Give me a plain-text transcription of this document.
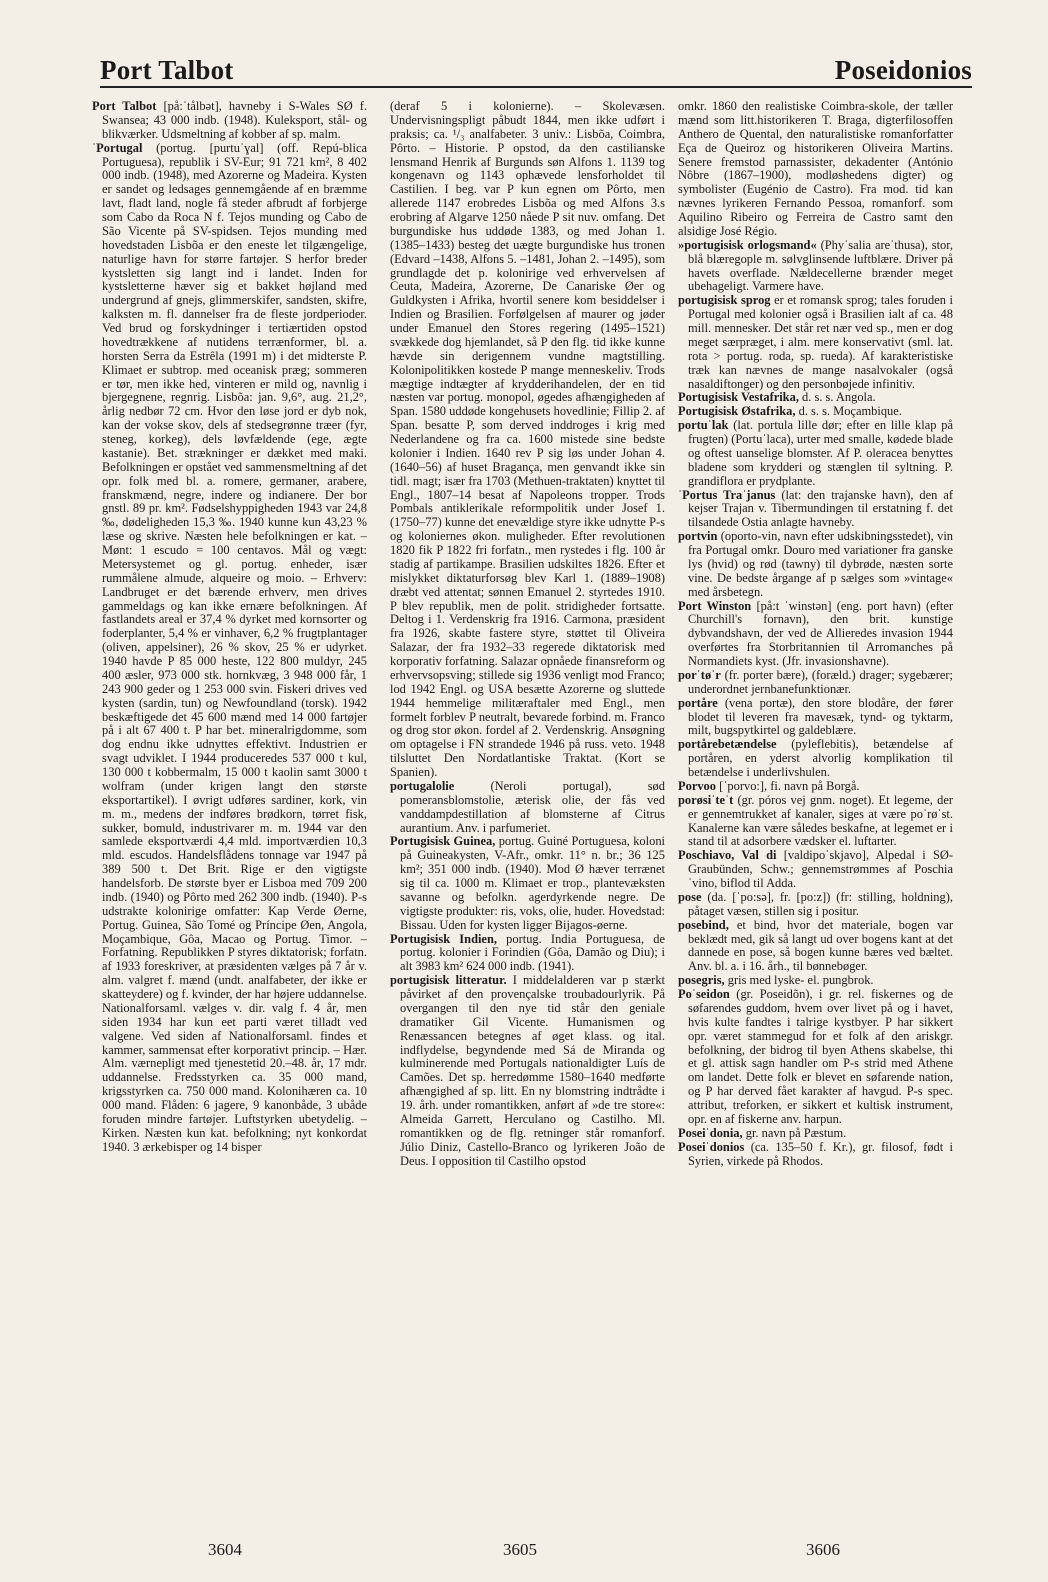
Port Talbot	Poseidonios

Port Talbot [på:ˈtålbət], havneby i S-Wales SØ f. Swansea; 43 000 indb. (1948). Kuleksport, stål- og blikværker. Udsmeltning af kobber af sp. malm.

ˈPortugal (portug. [purtuˈɣal] (off. Repú-blica Portuguesa), republik i SV-Eur; 91 721 km², 8 402 000 indb. (1948), med Azorerne og Madeira. Kysten er sandet og ledsages gennemgående af en bræmme lavt, fladt land, nogle få steder afbrudt af forbjerge som Cabo da Roca N f. Tejos munding og Cabo de São Vicente på SV-spidsen. Tejos munding med hovedstaden Lisbõa er den eneste let tilgængelige, naturlige havn for større fartøjer. S herfor breder kystsletten sig langt ind i landet. Inden for kystsletterne hæver sig et bakket højland med undergrund af gnejs, glimmerskifer, sandsten, skifre, kalksten m. fl. dannelser fra de fleste jordperioder. Ved brud og forskydninger i tertiærtiden opstod hovedtrækkene af nutidens terrænformer, bl. a. horsten Serra da Estrêla (1991 m) i det midterste P. Klimaet er subtrop. med oceanisk præg; sommeren er tør, men ikke hed, vinteren er mild og, navnlig i bjergegnene, regnrig. Lisbõa: jan. 9,6°, aug. 21,2°, årlig nedbør 72 cm. Hvor den løse jord er dyb nok, kan der vokse skov, dels af stedsegrønne træer (fyr, steneg, korkeg), dels løvfældende (ege, ægte kastanie). Bet. strækninger er dækket med maki. Befolkningen er opstået ved sammensmeltning af det opr. folk med bl. a. romere, germaner, arabere, franskmænd, negre, indere og indianere. Der bor gnstl. 89 pr. km². Fødselshyppigheden 1943 var 24,8 ‰, dødeligheden 15,3 ‰. 1940 kunne kun 43,23 % læse og skrive. Næsten hele befolkningen er kat. – Mønt: 1 escudo = 100 centavos. Mål og vægt: Metersystemet og gl. portug. enheder, især rummålene almude, alqueire og moio. – Erhverv: Landbruget er det bærende erhverv, men drives gammeldags og kan ikke ernære befolkningen. Af fastlandets areal er 37,4 % dyrket med kornsorter og foderplanter, 5,4 % er vinhaver, 6,2 % frugtplantager (oliven, appelsiner), 26 % skov, 25 % er udyrket. 1940 havde P 85 000 heste, 122 800 muldyr, 245 400 æsler, 973 000 stk. hornkvæg, 3 948 000 får, 1 243 900 geder og 1 253 000 svin. Fiskeri drives ved kysten (sardin, tun) og Newfoundland (torsk). 1942 beskæftigede det 45 600 mænd med 14 000 fartøjer på i alt 67 400 t. P har bet. mineralrigdomme, som dog endnu ikke udnyttes effektivt. Industrien er svagt udviklet. I 1944 produceredes 537 000 t kul, 130 000 t kobbermalm, 15 000 t kaolin samt 3000 t wolfram (under krigen langt den største eksportartikel). I øvrigt udføres sardiner, kork, vin m. m., medens der indføres brødkorn, tørret fisk, sukker, bomuld, industrivarer m. m. 1944 var den samlede eksportværdi 4,4 mld. importværdien 10,3 mld. escudos. Handelsflådens tonnage var 1947 på 389 500 t. Det Brit. Rige er den vigtigste handelsforb. De største byer er Lisboa med 709 200 indb. (1940) og Pôrto med 262 300 indb. (1940). P-s udstrakte kolonirige omfatter: Kap Verde Øerne, Portug. Guinea, São Tomé og Príncipe Øen, Angola, Moçambique, Gôa, Macao og Portug. Timor. – Forfatning. Republikken P styres diktatorisk; forfatn. af 1933 foreskriver, at præsidenten vælges på 7 år v. alm. valgret f. mænd (undt. analfabeter, der ikke er skatteydere) og f. kvinder, der har højere uddannelse. Nationalforsaml. vælges v. dir. valg f. 4 år, men siden 1934 har kun eet parti været tilladt ved valgene. Ved siden af Nationalforsaml. findes et kammer, sammensat efter korporativt princip. – Hær. Alm. værnepligt med tjenestetid 20.–48. år, 17 mdr. uddannelse. Fredsstyrken ca. 35 000 mand, krigsstyrken ca. 750 000 mand. Kolonihæren ca. 10 000 mand. Flåden: 6 jagere, 9 kanonbåde, 3 ubåde foruden mindre fartøjer. Luftstyrken ubetydelig. – Kirken. Næsten kun kat. befolkning; nyt konkordat 1940. 3 ærkebisper og 14 bisper

(deraf 5 i kolonierne). – Skolevæsen. Undervisningspligt påbudt 1844, men ikke udført i praksis; ca. ¹/₃ analfabeter. 3 univ.: Lisbõa, Coimbra, Pôrto. – Historie. P opstod, da den castilianske lensmand Henrik af Burgunds søn Alfons 1. 1139 tog kongenavn og 1143 ophævede lensforholdet til Castilien. I beg. var P kun egnen om Pôrto, men allerede 1147 erobredes Lisbõa og med Alfons 3.s erobring af Algarve 1250 nåede P sit nuv. omfang. Det burgundiske hus uddøde 1383, og med Johan 1. (1385–1433) besteg det uægte burgundiske hus tronen (Edvard –1438, Alfons 5. –1481, Johan 2. –1495), som grundlagde det p. kolonirige ved erhvervelsen af Ceuta, Madeira, Azorerne, De Canariske Øer og Guldkysten i Afrika, hvortil senere kom besiddelser i Indien og Brasilien. Forfølgelsen af maurer og jøder under Emanuel den Stores regering (1495–1521) svækkede dog hjemlandet, så P den flg. tid ikke kunne hævde sin derigennem vundne magtstilling. Kolonipolitikken kostede P mange menneskeliv. Trods mægtige indtægter af krydderihandelen, der en tid næsten var portug. monopol, øgedes afhængigheden af Span. 1580 uddøde kongehusets hovedlinie; Fillip 2. af Span. besatte P, som derved inddroges i krig med Nederlandene og fra ca. 1600 mistede sine bedste kolonier i Indien. 1640 rev P sig løs under Johan 4. (1640–56) af huset Bragança, men genvandt ikke sin tidl. magt; især fra 1703 (Methuen-traktaten) knyttet til Engl., 1807–14 besat af Napoleons tropper. Trods Pombals antiklerikale reformpolitik under Josef 1. (1750–77) kunne det enevældige styre ikke udnytte P-s og koloniernes økon. muligheder. Efter revolutionen 1820 fik P 1822 fri forfatn., men rystedes i flg. 100 år stadig af partikampe. Brasilien udskiltes 1826. Efter et mislykket diktaturforsøg blev Karl 1. (1889–1908) dræbt ved attentat; sønnen Emanuel 2. styrtedes 1910. P blev republik, men de polit. stridigheder fortsatte. Deltog i 1. Verdenskrig fra 1916. Carmona, præsident fra 1926, skabte fastere styre, støttet til Oliveira Salazar, der fra 1932–33 regerede diktatorisk med korporativ forfatning. Salazar opnåede finansreform og erhvervsopsving; stillede sig 1936 venligt mod Franco; lod 1942 Engl. og USA besætte Azorerne og sluttede 1944 hemmelige militæraftaler med Engl., men formelt forblev P neutralt, bevarede forbind. m. Franco og drog stor økon. fordel af 2. Verdenskrig. Ansøgning om optagelse i FN strandede 1946 på russ. veto. 1948 tilsluttet Den Nordatlantiske Traktat. (Kort se Spanien).

portugalolie (Neroli portugal), sød pomeransblomstolie, æterisk olie, der fås ved vanddampdestillation af blomsterne af Citrus aurantium. Anv. i parfumeriet.

Portugisisk Guinea, portug. Guiné Portuguesa, koloni på Guineakysten, V-Afr., omkr. 11° n. br.; 36 125 km²; 351 000 indb. (1940). Mod Ø hæver terrænet sig til ca. 1000 m. Klimaet er trop., plantevæksten savanne og befolkn. agerdyrkende negre. De vigtigste produkter: ris, voks, olie, huder. Hovedstad: Bissau. Uden for kysten ligger Bijagos-øerne.

Portugisisk Indien, portug. India Portuguesa, de portug. kolonier i Forindien (Gôa, Damão og Diu); i alt 3983 km² 624 000 indb. (1941).

portugisisk litteratur. I middelalderen var p stærkt påvirket af den provençalske troubadourlyrik. På overgangen til den nye tid står den geniale dramatiker Gil Vicente. Humanismen og Renæssancen betegnes af øget klass. og ital. indflydelse, begyndende med Sá de Miranda og kulminerende med Portugals nationaldigter Luís de Camões. Det sp. herredømme 1580–1640 medførte afhængighed af sp. litt. En ny blomstring indtrådte i 19. årh. under romantikken, anført af »de tre store«: Almeida Garrett, Herculano og Castilho. Ml. romantikken og de flg. retninger står romanforf. Júlio Diniz, Castello-Branco og lyrikeren João de Deus. I opposition til Castilho opstod

omkr. 1860 den realistiske Coimbra-skole, der tæller mænd som litt.historikeren T. Braga, digterfilosoffen Anthero de Quental, den naturalistiske romanforfatter Eça de Queiroz og historikeren Oliveira Martins. Senere fremstod parnassister, dekadenter (António Nôbre (1867–1900), modløshedens digter) og symbolister (Eugénio de Castro). Fra mod. tid kan nævnes lyrikeren Fernando Pessoa, romanforf. som Aquilino Ribeiro og Ferreira de Castro samt den alsidige José Régio.

»portugisisk orlogsmand« (Phyˈsalia areˈthusa), stor, blå blæregople m. sølvglinsende luftblære. Driver på havets overflade. Nældecellerne brænder meget ubehageligt. Varmere have.

portugisisk sprog er et romansk sprog; tales foruden i Portugal med kolonier også i Brasilien ialt af ca. 48 mill. mennesker. Det står ret nær ved sp., men er dog meget særpræget, i alm. mere konservativt (sml. lat. rota > portug. roda, sp. rueda). Af karakteristiske træk kan nævnes de mange nasalvokaler (også nasaldiftonger) og den personbøjede infinitiv.

Portugisisk Vestafrika, d. s. s. Angola.

Portugisisk Østafrika, d. s. s. Moçambique.

portuˈlak (lat. portula lille dør; efter en lille klap på frugten) (Portuˈlaca), urter med smalle, kødede blade og oftest uanselige blomster. Af P. oleracea benyttes bladene som krydderi og stænglen til syltning. P. grandiflora er prydplante.

ˈPortus Traˈjanus (lat: den trajanske havn), den af kejser Trajan v. Tibermundingen til erstatning f. det tilsandede Ostia anlagte havneby.

portvin (oporto-vin, navn efter udskibningsstedet), vin fra Portugal omkr. Douro med variationer fra ganske lys (hvid) og rød (tawny) til dybrøde, næsten sorte vine. De bedste årgange af p sælges som »vintage« med årsbetegn.

Port Winston [på:t ˈwinstən] (eng. port havn) (efter Churchill's fornavn), den brit. kunstige dybvandshavn, der ved de Allieredes invasion 1944 overførtes fra Storbritannien til Arromanches på Normandiets kyst. (Jfr. invasionshavne).

porˈtøˈr (fr. porter bære), (foræld.) drager; sygebærer; underordnet jernbanefunktionær.

portåre (vena portæ), den store blodåre, der fører blodet til leveren fra mavesæk, tynd- og tyktarm, milt, bugspytkirtel og galdeblære.

portårebetændelse (pyleflebitis), betændelse af portåren, en yderst alvorlig komplikation til betændelse i underlivshulen.

Porvoo [ˈporvo:], fi. navn på Borgå.

porøsiˈteˈt (gr. póros vej gnm. noget). Et legeme, der er gennemtrukket af kanaler, siges at være poˈrøˈst. Kanalerne kan være således beskafne, at legemet er i stand til at adsorbere vædsker el. luftarter.

Poschiavo, Val di [valdipoˈskjavo], Alpedal i SØ-Graubünden, Schw.; gennemstrømmes af Poschiaˈvino, biflod til Adda.

pose (da. [ˈpo:sə], fr. [po:z]) (fr: stilling, holdning), påtaget væsen, stillen sig i positur.

posebind, et bind, hvor det materiale, bogen var beklædt med, gik så langt ud over bogens kant at det dannede en pose, så bogen kunne bæres ved bæltet. Anv. bl. a. i 16. årh., til bønnebøger.

posegris, gris med lyske- el. pungbrok.

Poˈseidon (gr. Poseidõn), i gr. rel. fiskernes og de søfarendes guddom, hvem over livet på og i havet, hvis kulte fandtes i talrige kystbyer. P har sikkert opr. været stammegud for et folk af den ariskgr. befolkning, der bidrog til byen Athens skabelse, thi et gl. attisk sagn handler om P-s strid med Athene om landet. Dette folk er blevet en søfarende nation, og P har derved fået karakter af havgud. P-s spec. attribut, treforken, er sikkert et kultisk instrument, opr. en af fiskerne anv. harpun.

Poseiˈdonia, gr. navn på Pæstum.

Poseiˈdonios (ca. 135–50 f. Kr.), gr. filosof, født i Syrien, virkede på Rhodos.

3604	3605	3606
